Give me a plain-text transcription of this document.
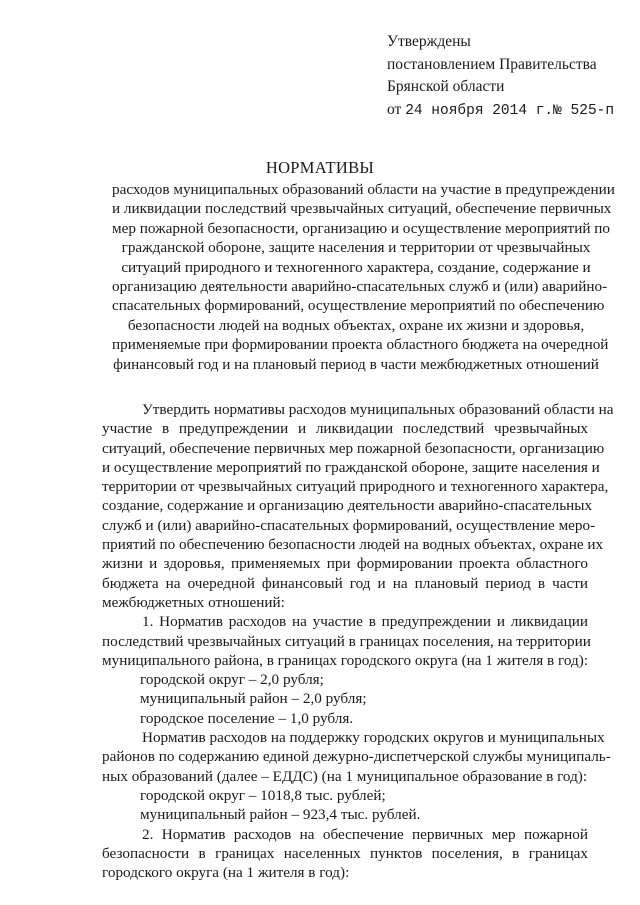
Утверждены
постановлением Правительства
Брянской области
от 24 ноября 2014 г.№ 525-п
НОРМАТИВЫ
расходов муниципальных образований области на участие в предупреждении
и ликвидации последствий чрезвычайных ситуаций, обеспечение первичных
мер пожарной безопасности, организацию и осуществление мероприятий по
гражданской обороне, защите населения и территории от чрезвычайных
ситуаций природного и техногенного характера, создание, содержание и
организацию деятельности аварийно-спасательных служб и (или) аварийно-
спасательных формирований, осуществление мероприятий по обеспечению
безопасности людей на водных объектах, охране их жизни и здоровья,
применяемые при формировании проекта областного бюджета на очередной
финансовый год и на плановый период в части межбюджетных отношений
Утвердить нормативы расходов муниципальных образований области на
участие в предупреждении и ликвидации последствий чрезвычайных
ситуаций, обеспечение первичных мер пожарной безопасности, организацию
и осуществление мероприятий по гражданской обороне, защите населения и
территории от чрезвычайных ситуаций природного и техногенного характера,
создание, содержание и организацию деятельности аварийно-спасательных
служб и (или) аварийно-спасательных формирований, осуществление меро-
приятий по обеспечению безопасности людей на водных объектах, охране их
жизни и здоровья, применяемых при формировании проекта областного
бюджета на очередной финансовый год и на плановый период в части
межбюджетных отношений:
1. Норматив расходов на участие в предупреждении и ликвидации
последствий чрезвычайных ситуаций в границах поселения, на территории
муниципального района, в границах городского округа (на 1 жителя в год):
городской округ – 2,0 рубля;
муниципальный район – 2,0 рубля;
городское поселение – 1,0 рубля.
Норматив расходов на поддержку городских округов и муниципальных
районов по содержанию единой дежурно-диспетчерской службы муниципаль-
ных образований (далее – ЕДДС) (на 1 муниципальное образование в год):
городской округ – 1018,8 тыс. рублей;
муниципальный район – 923,4 тыс. рублей.
2. Норматив расходов на обеспечение первичных мер пожарной
безопасности в границах населенных пунктов поселения, в границах
городского округа (на 1 жителя в год):
